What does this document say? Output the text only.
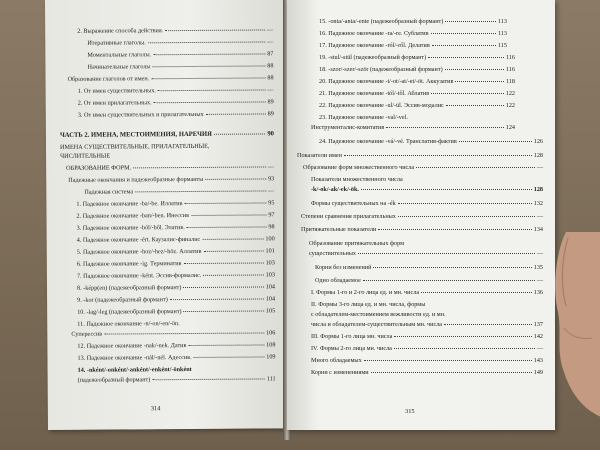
2. Выражение способа действия.	—
Итеративные глаголы.	—
Моментальные глаголы.	87
Начинательные глаголы	88
Образование глаголов от имен.	88
1. От имен существительных.	—
2. От имен прилагательных.	89
3. От имен существительных и прилагательных	89
ЧАСТЬ 2. ИМЕНА, МЕСТОИМЕНИЯ, НАРЕЧИЯ	90
ИМЕНА СУЩЕСТВИТЕЛЬНЫЕ, ПРИЛАГАТЕЛЬНЫЕ,
ЧИСЛИТЕЛЬНЫЕ
ОБРАЗОВАНИЕ ФОРМ.	—
Падежные окончания и падежеобразные форманты	93
Падежная система	—
1. Падежное окончание -ba/-be. Иллатив	95
2. Падежное окончание -ban/-ben. Инессив	97
3. Падежное окончание -ból/-ből. Элатив.	98
4. Падежное окончание -ért. Каузалис-финалис	100
5. Падежное окончание -hoz/-hez/-höz. Аллатив	101
6. Падежное окончание -ig. Терминатив	103
7. Падежное окончание -ként. Эссив-формалис.	103
8. -képp(en) (падежеобразный формант)	104
9. -kor (падежеобразный формант)	104
10. -lag/-leg (падежеобразный формант)	105
11. Падежное окончание -n/-on/-en/-ön.
Суперессив	106
12. Падежное окончание -nak/-nek. Датив	108
13. Падежное окончание -nál/-nél. Адессив.	109
14. -nként/-onként/-anként/-enként/-önként
(падежеобразный формант)	111
314
15. -onta/-anta/-ente (падежеобразный формант)	113
16. Падежное окончание -ra/-re. Сублатив	113
17. Падежное окончание -ról/-ről. Делатив	115
18. -szor/-szer/-ször (падежеобразный формант)	116
19. -stul/-stül (падежеобразный формант)	116
20. Падежное окончание -t/-ot/-at/-et/-öt. Аккузатив	118
21. Падежное окончание -tól/-től. Аблатив	122
22. Падежное окончание -ul/-ül. Эссив-модалис	122
23. Падежное окончание -val/-vel.
Инструменталис-комитатив	124
24. Падежное окончание -vá/-vé. Транслатив-фактив	126
Показатели имен	128
Образование форм множественного числа	—
Показатели множественного числа
-k/-ok/-ak/-ek/-ök.	128
Формы существительных на -ék	132
Степени сравнения прилагательных	—
Притяжательные показатели	134
Образование притяжательных форм
существительных	—
Корни без изменений	135
Одно обладаемое	—
I. Формы 1-го и 2-го лица ед. и мн. числа	136
II. Формы 3-го лица ед. и мн. числа, формы
с обладателем-местоимением вежливости ед. и мн.
числа и обладателем-существительным мн. числа	137
III. Формы 1-го лица мн. числа	142
IV. Формы 2-го лица мн. числа	—
Много обладаемых	143
Корни с изменениями	149
315
